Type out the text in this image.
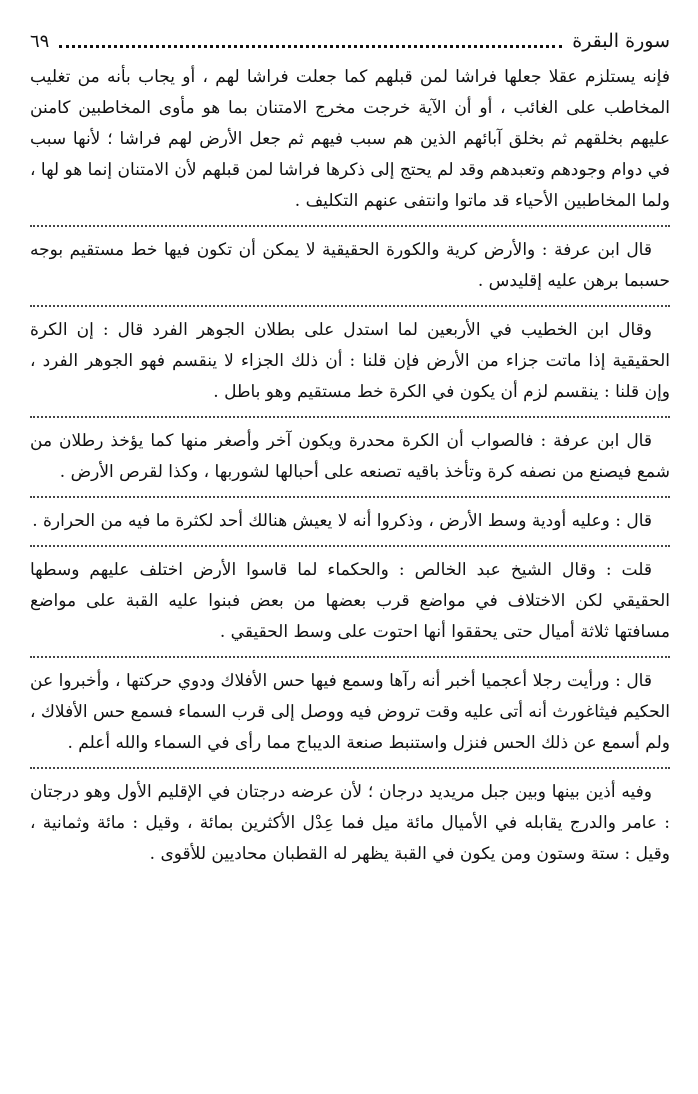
سورة البقرة
٦٩

فإنه يستلزم عقلا جعلها فراشا لمن قبلهم كما جعلت فراشا لهم ، أو يجاب بأنه من تغليب المخاطب على الغائب ، أو أن الآية خرجت مخرج الامتنان بما هو مأوى المخاطبين كامنن عليهم بخلقهم ثم بخلق آبائهم الذين هم سبب فيهم ثم جعل الأرض لهم فراشا ؛ لأنها سبب في دوام وجودهم وتعبدهم وقد لم يحتج إلى ذكرها فراشا لمن قبلهم لأن الامتنان إنما هو لها ، ولما المخاطبين الأحياء قد ماتوا وانتفى عنهم التكليف .

قال ابن عرفة : والأرض كرية والكورة الحقيقية لا يمكن أن تكون فيها خط مستقيم بوجه حسبما برهن عليه إقليدس .

وقال ابن الخطيب في الأربعين لما استدل على بطلان الجوهر الفرد قال : إن الكرة الحقيقية إذا ماتت جزاء من الأرض فإن قلنا : أن ذلك الجزاء لا ينقسم فهو الجوهر الفرد ، وإن قلنا : ينقسم لزم أن يكون في الكرة خط مستقيم وهو باطل .

قال ابن عرفة : فالصواب أن الكرة محدرة ويكون آخر وأصغر منها كما يؤخذ رطلان من شمع فيصنع من نصفه كرة وتأخذ باقيه تصنعه على أحبالها لشوربها ، وكذا لقرص الأرض .

قال : وعليه أودية وسط الأرض ، وذكروا أنه لا يعيش هنالك أحد لكثرة ما فيه من الحرارة .

قلت : وقال الشيخ عبد الخالص : والحكماء لما قاسوا الأرض اختلف عليهم وسطها الحقيقي لكن الاختلاف في مواضع قرب بعضها من بعض فبنوا عليه القبة على مواضع مسافتها ثلاثة أميال حتى يحققوا أنها احتوت على وسط الحقيقي .

قال : ورأيت رجلا أعجميا أخبر أنه رآها وسمع فيها حس الأفلاك ودوي حركتها ، وأخبروا عن الحكيم فيثاغورث أنه أتى عليه وقت تروض فيه ووصل إلى قرب السماء فسمع حس الأفلاك ، ولم أسمع عن ذلك الحس فنزل واستنبط صنعة الديباج مما رأى في السماء والله أعلم .

وفيه أذين بينها وبين جبل مريديد درجان ؛ لأن عرضه درجتان في الإقليم الأول وهو درجتان : عامر والدرج يقابله في الأميال مائة ميل فما عِدْل الأكثرين بمائة ، وقيل : مائة وثمانية ، وقيل : ستة وستون ومن يكون في القبة يظهر له القطبان محاديين للأقوى .
